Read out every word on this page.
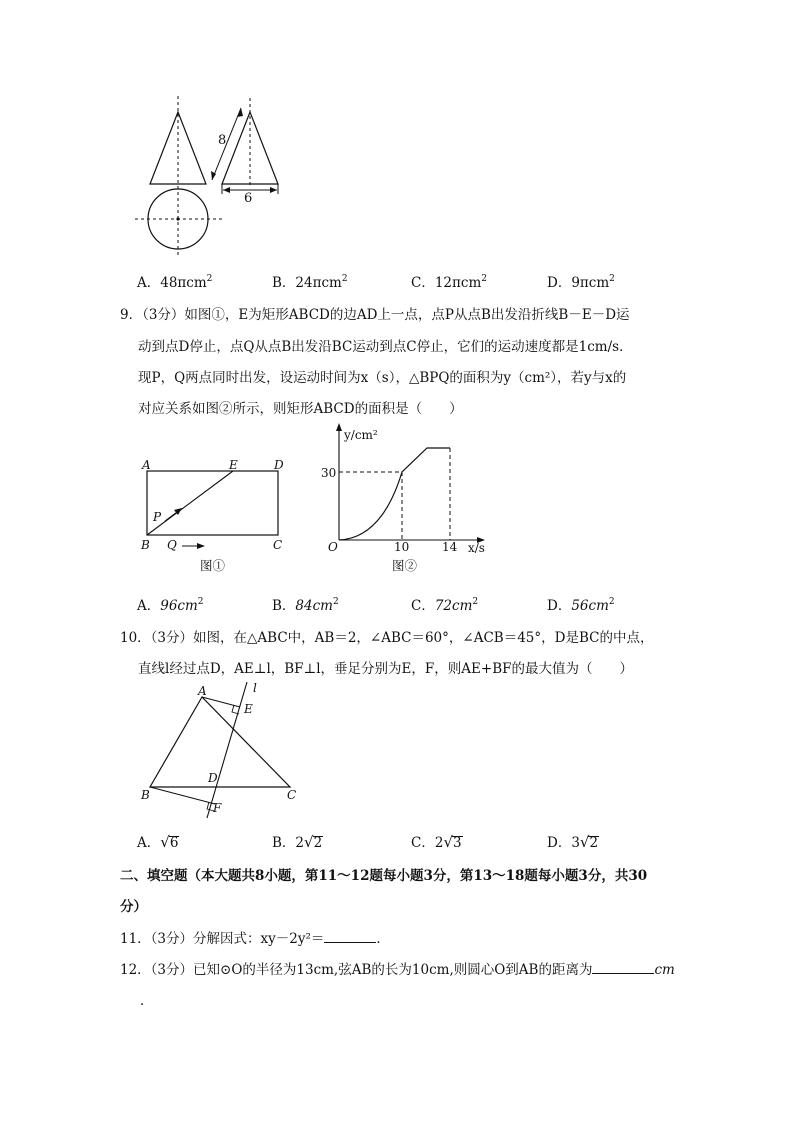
8
6
A．48πcm$^2$	B．24πcm$^2$	C．12πcm$^2$	D．9πcm$^2$
9．（3分）如图①，E为矩形ABCD的边AD上一点，点P从点B出发沿折线B－E－D运
动到点D停止，点Q从点B出发沿BC运动到点C停止，它们的运动速度都是1cm/s．
现P，Q两点同时出发，设运动时间为x（s），△BPQ的面积为y（cm²），若y与x的
对应关系如图②所示，则矩形ABCD的面积是（　　）
A	E	D
P
B Q	C
图①
y/cm²
30
O	10	14 x/s
图②
A．$96cm^2$	B．$84cm^2$	C．$72cm^2$	D．$56cm^2$
10．（3分）如图，在△ABC中，AB＝2，∠ABC＝60°，∠ACB＝45°，D是BC的中点，
直线l经过点D，AE⊥l，BF⊥l，垂足分别为E，F，则AE+BF的最大值为（　　）
A	l
E
D
B	C
F
A．√6	B．2√2	C．2√3	D．3√2
二、填空题（本大题共8小题，第11～12题每小题3分，第13～18题每小题3分，共30
分）
11．（3分）分解因式：xy－2y²＝	．
12．（3分）已知⊙O的半径为13cm,弦AB的长为10cm,则圆心O到AB的距离为	cm
．
